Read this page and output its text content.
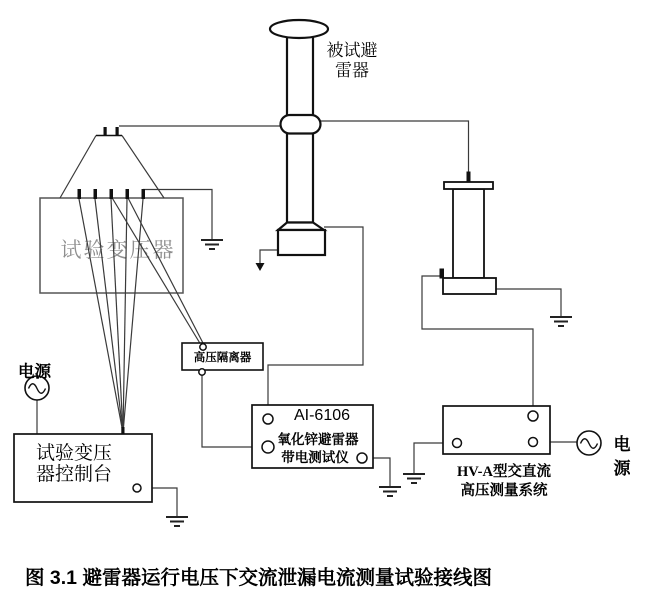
试验变压器
被试避雷器
高压隔离器
AI-6106
氧化锌避雷器
带电测试仪
HV-A型交直流
高压测量系统
电源
电源
试验变压器控制台
图 3.1 避雷器运行电压下交流泄漏电流测量试验接线图
